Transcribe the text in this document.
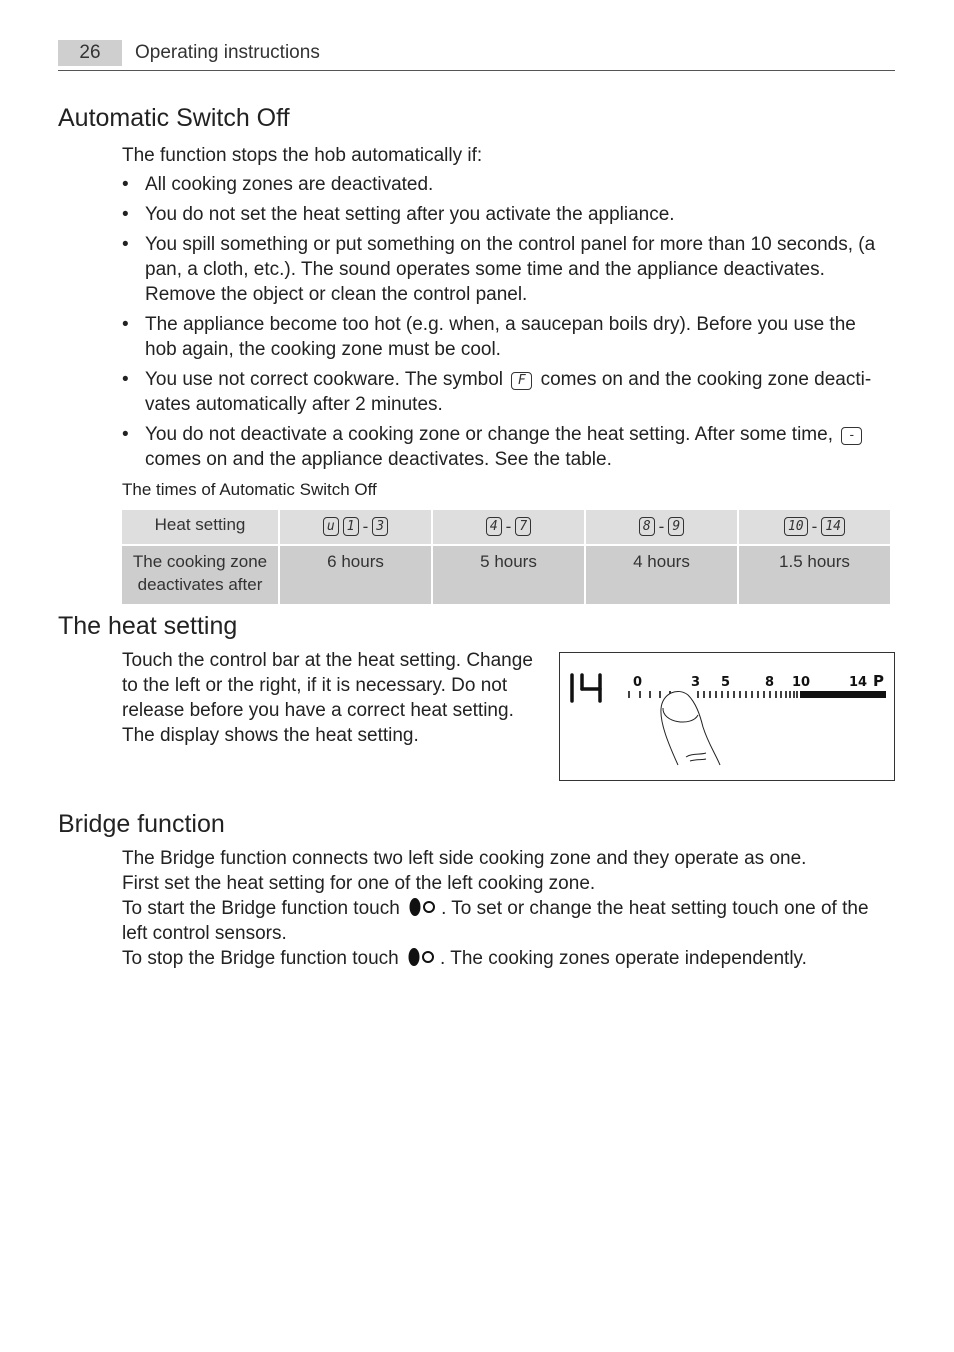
26	Operating instructions
Automatic Switch Off
The function stops the hob automatically if:
• All cooking zones are deactivated.
• You do not set the heat setting after you activate the appliance.
• You spill something or put something on the control panel for more than 10 seconds, (a pan, a cloth, etc.). The sound operates some time and the appliance deactivates. Remove the object or clean the control panel.
• The appliance become too hot (e.g. when, a saucepan boils dry). Before you use the hob again, the cooking zone must be cool.
• You use not correct cookware. The symbol F comes on and the cooking zone deacti-vates automatically after 2 minutes.
• You do not deactivate a cooking zone or change the heat setting. After some time, - comes on and the appliance deactivates. See the table.
The times of Automatic Switch Off
Heat setting	u 1 - 3	4 - 7	8 - 9	10 - 14

The cooking zone deactivates after	6 hours	5 hours	4 hours	1.5 hours
The heat setting
Touch the control bar at the heat setting. Change to the left or the right, if it is necessary. Do not release before you have a correct heat setting. The display shows the heat setting.
14
0	3 5	8 10	14 P
Bridge function
The Bridge function connects two left side cooking zone and they operate as one.
First set the heat setting for one of the left cooking zone.
To start the Bridge function touch . To set or change the heat setting touch one of the left control sensors.
To stop the Bridge function touch . The cooking zones operate independently.
